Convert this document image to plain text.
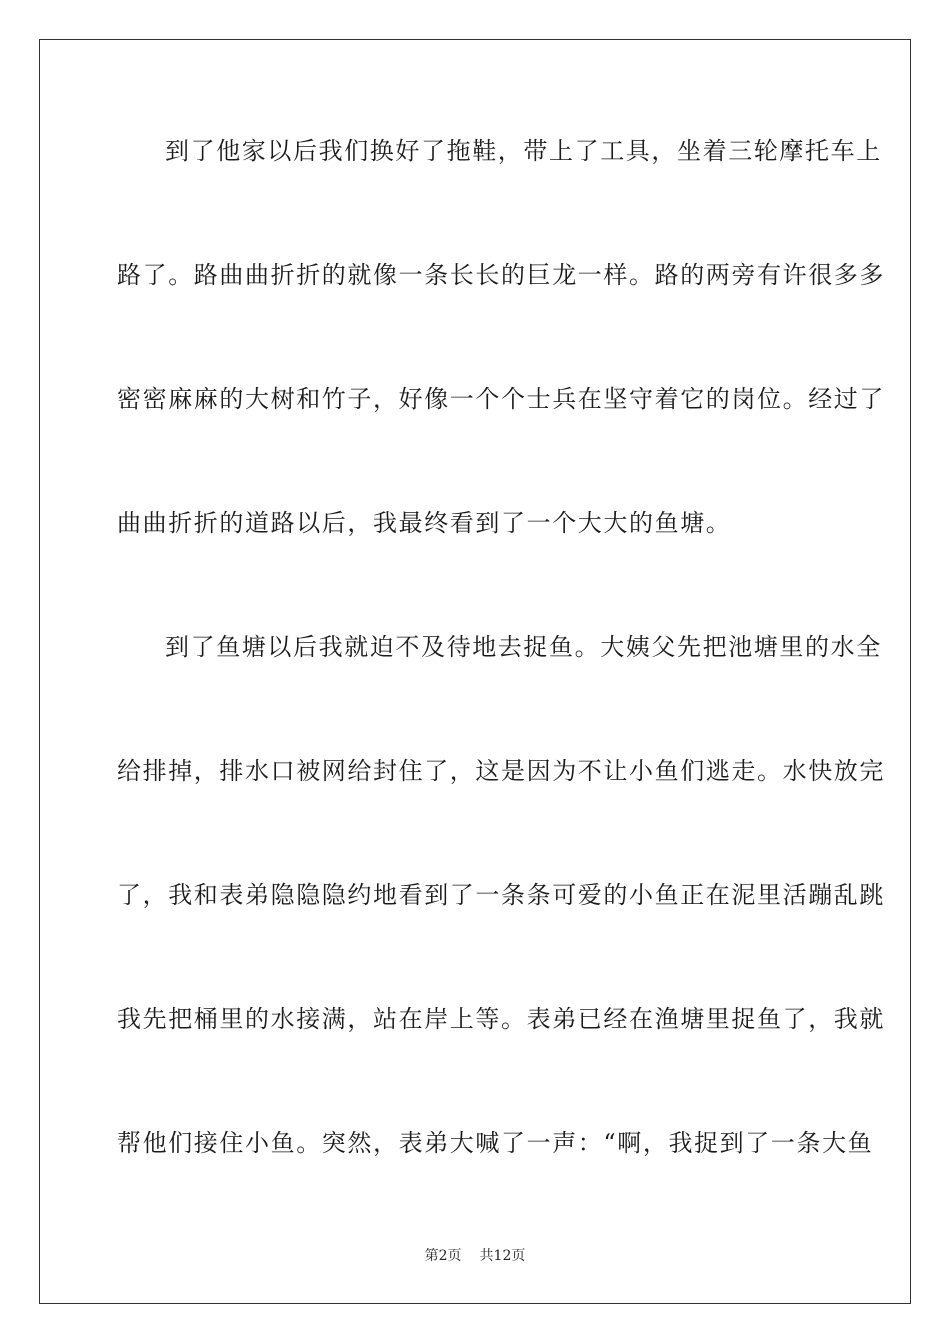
到了他家以后我们换好了拖鞋，带上了工具，坐着三轮摩托车上
路了。路曲曲折折的就像一条长长的巨龙一样。路的两旁有许很多多
密密麻麻的大树和竹子，好像一个个士兵在坚守着它的岗位。经过了
曲曲折折的道路以后，我最终看到了一个大大的鱼塘。
到了鱼塘以后我就迫不及待地去捉鱼。大姨父先把池塘里的水全
给排掉，排水口被网给封住了，这是因为不让小鱼们逃走。水快放完
了，我和表弟隐隐隐约地看到了一条条可爱的小鱼正在泥里活蹦乱跳
我先把桶里的水接满，站在岸上等。表弟已经在渔塘里捉鱼了，我就
帮他们接住小鱼。突然，表弟大喊了一声：“啊，我捉到了一条大鱼
第2页 共12页
